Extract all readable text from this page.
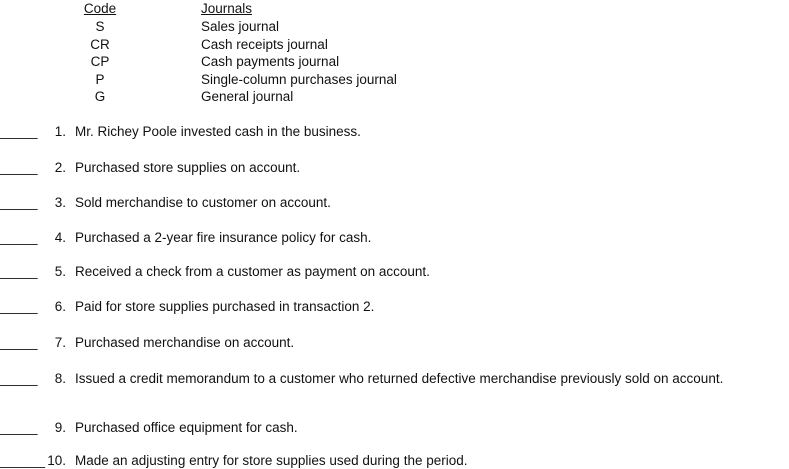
Code	Journals
S	Sales journal
CR	Cash receipts journal
CP	Cash payments journal
P	Single-column purchases journal
G	General journal
_____	1. Mr. Richey Poole invested cash in the business.
_____	2. Purchased store supplies on account.
_____	3. Sold merchandise to customer on account.
_____	4. Purchased a 2-year fire insurance policy for cash.
_____	5. Received a check from a customer as payment on account.
_____	6. Paid for store supplies purchased in transaction 2.
_____	7. Purchased merchandise on account.
_____	8. Issued a credit memorandum to a customer who returned defective merchandise previously sold on account.
_____	9. Purchased office equipment for cash.
______ 10. Made an adjusting entry for store supplies used during the period.
